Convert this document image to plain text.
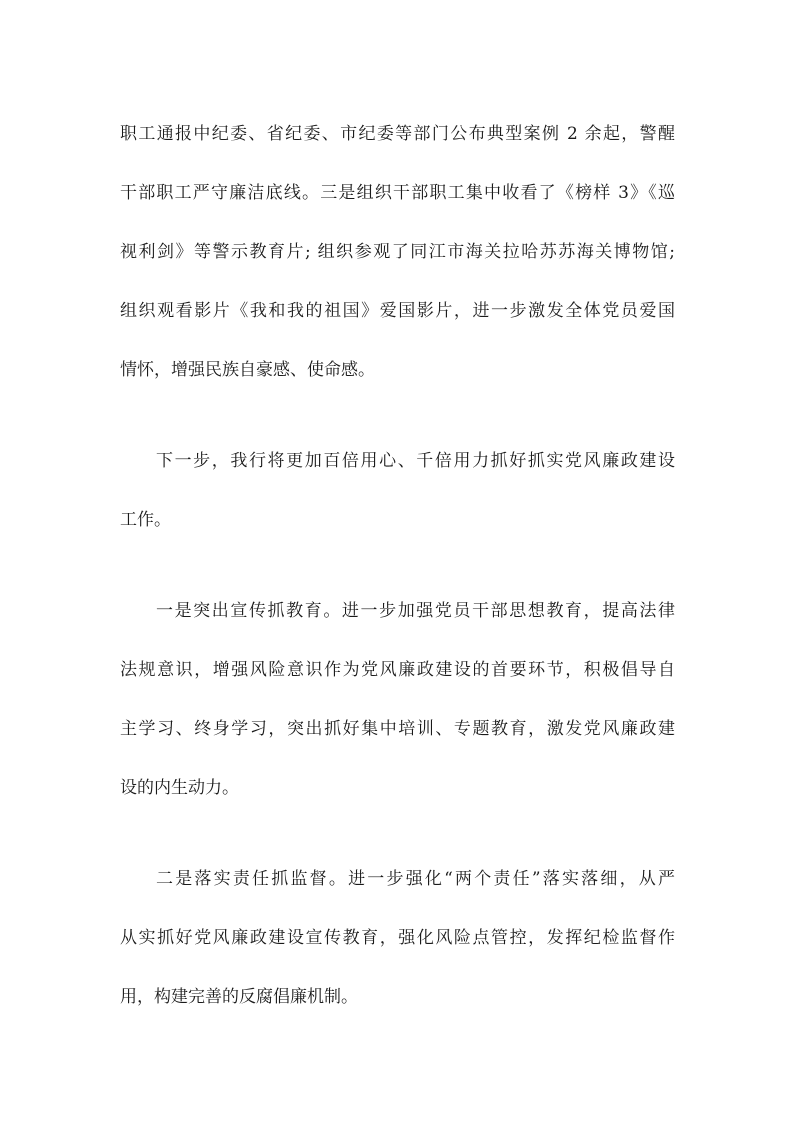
职工通报中纪委、省纪委、市纪委等部门公布典型案例 2 余起，警醒
干部职工严守廉洁底线。三是组织干部职工集中收看了《榜样 3》《巡
视利剑》等警示教育片; 组织参观了同江市海关拉哈苏苏海关博物馆;
组织观看影片《我和我的祖国》爱国影片，进一步激发全体党员爱国
情怀，增强民族自豪感、使命感。
下一步，我行将更加百倍用心、千倍用力抓好抓实党风廉政建设
工作。
一是突出宣传抓教育。进一步加强党员干部思想教育，提高法律
法规意识，增强风险意识作为党风廉政建设的首要环节，积极倡导自
主学习、终身学习，突出抓好集中培训、专题教育，激发党风廉政建
设的内生动力。
二是落实责任抓监督。进一步强化“两个责任”落实落细，从严
从实抓好党风廉政建设宣传教育，强化风险点管控，发挥纪检监督作
用，构建完善的反腐倡廉机制。
